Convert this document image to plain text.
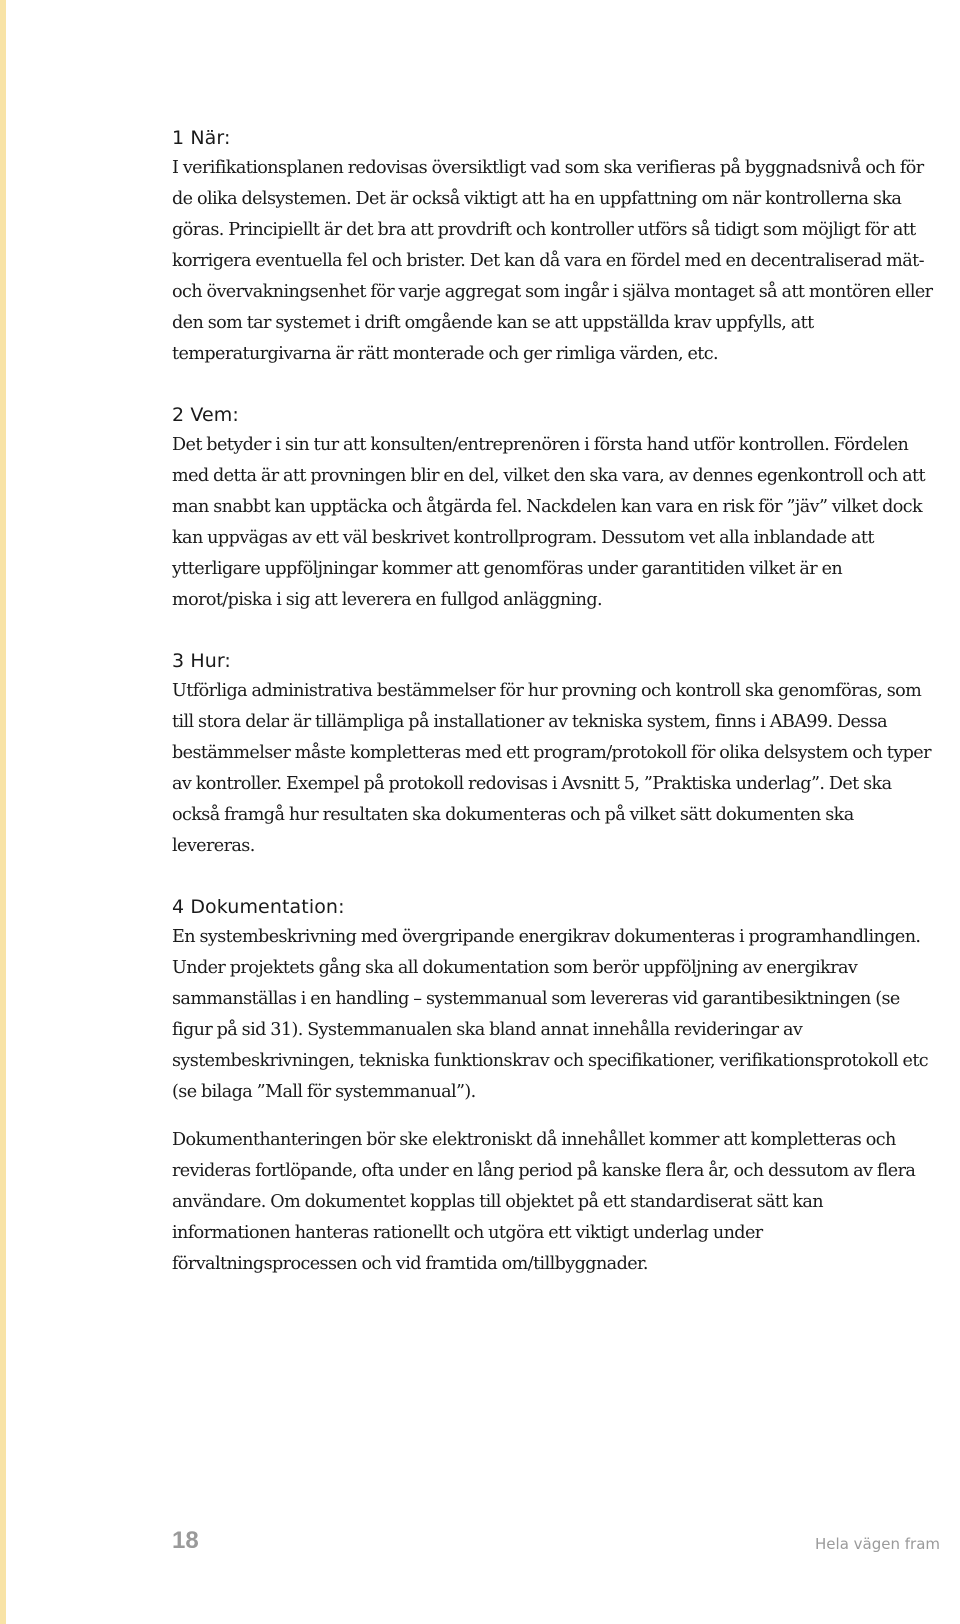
1 När:

I verifikationsplanen redovisas översiktligt vad som ska verifieras på byggnadsnivå och för de olika delsystemen. Det är också viktigt att ha en uppfattning om när kontrollerna ska göras. Principiellt är det bra att provdrift och kontroller utförs så tidigt som möjligt för att korrigera eventuella fel och brister. Det kan då vara en fördel med en decentraliserad mät- och övervakningsenhet för varje aggregat som ingår i själva montaget så att montören eller den som tar systemet i drift omgående kan se att uppställda krav uppfylls, att temperaturgivarna är rätt monterade och ger rimliga värden, etc.

2 Vem:

Det betyder i sin tur att konsulten/entreprenören i första hand utför kontrollen. Fördelen med detta är att provningen blir en del, vilket den ska vara, av dennes egenkontroll och att man snabbt kan upptäcka och åtgärda fel. Nackdelen kan vara en risk för ”jäv” vilket dock kan uppvägas av ett väl beskrivet kontrollprogram. Dessutom vet alla inblandade att ytterligare uppföljningar kommer att genomföras under garantitiden vilket är en morot/piska i sig att leverera en fullgod anläggning.

3 Hur:

Utförliga administrativa bestämmelser för hur provning och kontroll ska genomföras, som till stora delar är tillämpliga på installationer av tekniska system, finns i ABA99. Dessa bestämmelser måste kompletteras med ett program/protokoll för olika delsystem och typer av kontroller. Exempel på protokoll redovisas i Avsnitt 5, ”Praktiska underlag”. Det ska också framgå hur resultaten ska dokumenteras och på vilket sätt dokumenten ska levereras.

4 Dokumentation:

En systembeskrivning med övergripande energikrav dokumenteras i programhandlingen. Under projektets gång ska all dokumentation som berör uppföljning av energikrav sammanställas i en handling – systemmanual som levereras vid garantibesiktningen (se figur på sid 31). Systemmanualen ska bland annat innehålla revideringar av systembeskrivningen, tekniska funktionskrav och specifikationer, verifikationsprotokoll etc (se bilaga ”Mall för systemmanual”).

Dokumenthanteringen bör ske elektroniskt då innehållet kommer att kompletteras och revideras fortlöpande, ofta under en lång period på kanske flera år, och dessutom av flera användare. Om dokumentet kopplas till objektet på ett standardiserat sätt kan informationen hanteras rationellt och utgöra ett viktigt underlag under förvaltningsprocessen och vid framtida om/tillbyggnader.

18	Hela vägen fram
